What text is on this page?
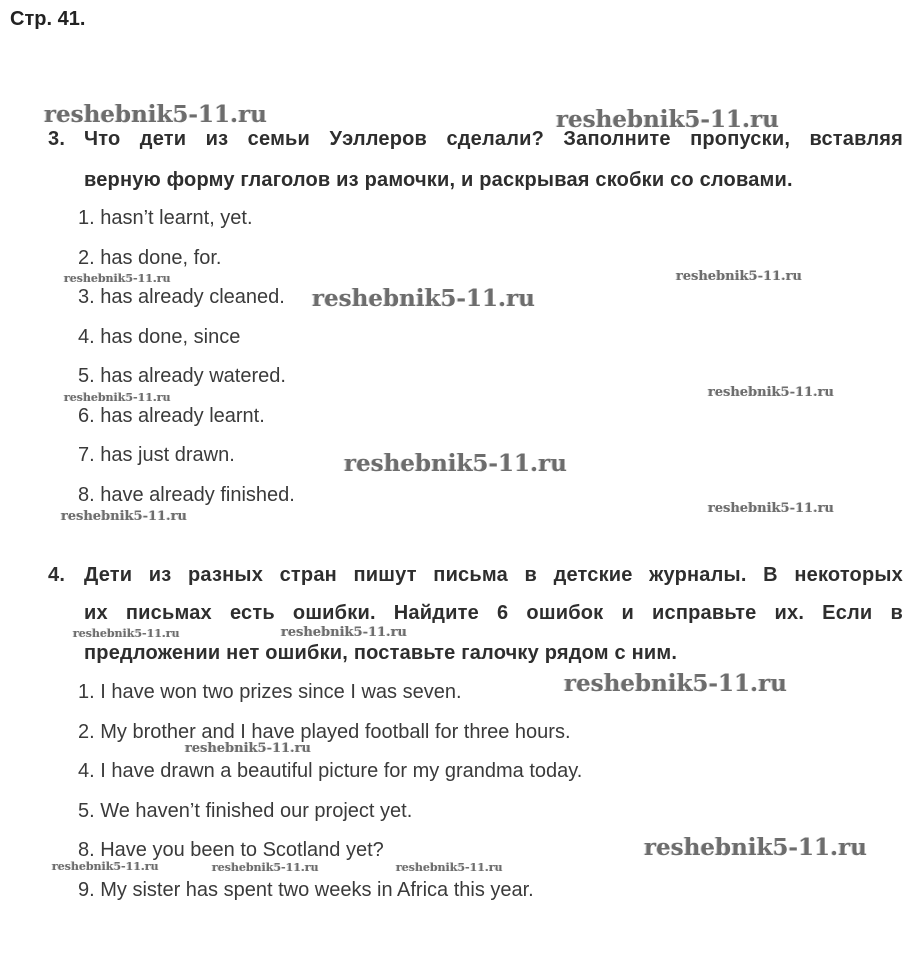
Стр. 41.
3. Что дети из семьи Уэллеров сделали? Заполните пропуски, вставляя
верную форму глаголов из рамочки, и раскрывая скобки со словами.
1. hasn’t learnt, yet.
2. has done, for.
3. has already cleaned.
4. has done, since
5. has already watered.
6. has already learnt.
7. has just drawn.
8. have already finished.
4. Дети из разных стран пишут письма в детские журналы. В некоторых
их письмах есть ошибки. Найдите 6 ошибок и исправьте их. Если в
предложении нет ошибки, поставьте галочку рядом с ним.
1. I have won two prizes since I was seven.
2. My brother and I have played football for three hours.
4. I have drawn a beautiful picture for my grandma today.
5. We haven’t finished our project yet.
8. Have you been to Scotland yet?
9. My sister has spent two weeks in Africa this year.
reshebnik5-11.ru	reshebnik5-11.ru
reshebnik5-11.ru	reshebnik5-11.ru
reshebnik5-11.ru
reshebnik5-11.ru	reshebnik5-11.ru
reshebnik5-11.ru
reshebnik5-11.ru
reshebnik5-11.ru
reshebnik5-11.ru	reshebnik5-11.ru
reshebnik5-11.ru
reshebnik5-11.ru
reshebnik5-11.ru
reshebnik5-11.ru	reshebnik5-11.ru	reshebnik5-11.ru
